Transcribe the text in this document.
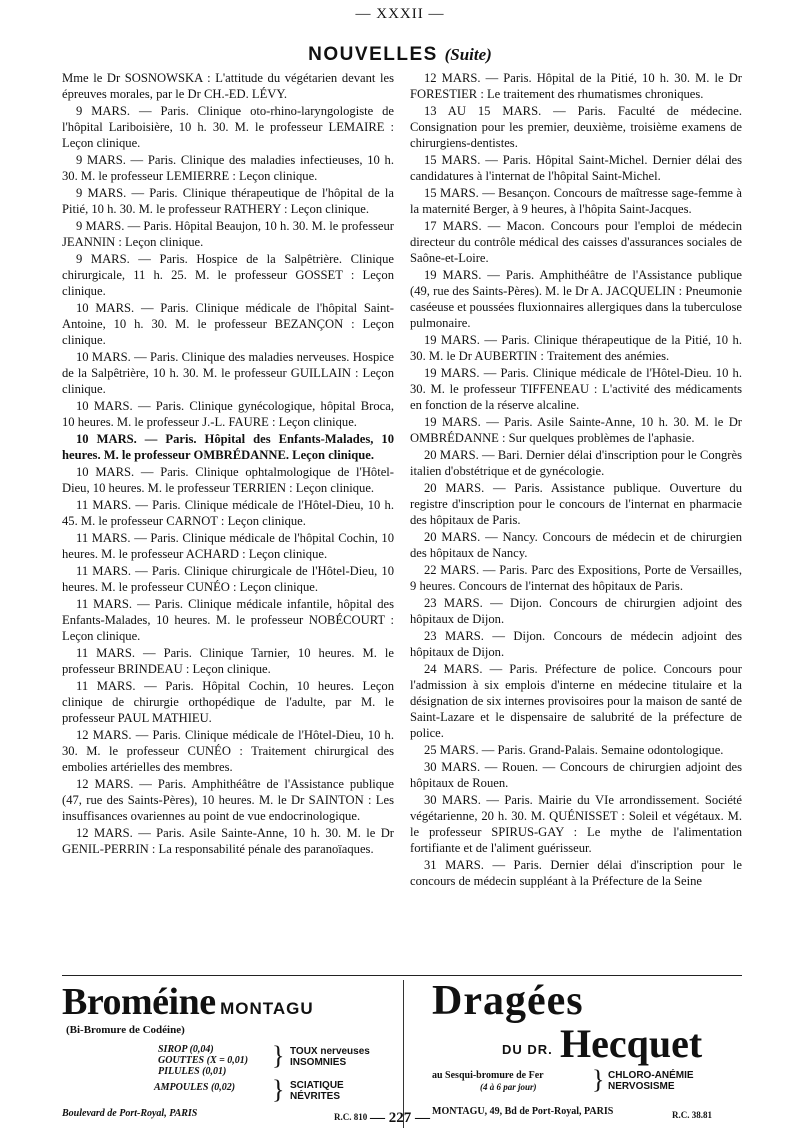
— XXXII —
NOUVELLES (Suite)

Mme le Dr SOSNOWSKA : L'attitude du végétarien devant les épreuves morales, par le Dr CH.-ED. LÉVY.

9 MARS. — Paris. Clinique oto-rhino-laryngologiste de l'hôpital Lariboisière, 10 h. 30. M. le professeur LEMAIRE : Leçon clinique.

9 MARS. — Paris. Clinique des maladies infectieuses, 10 h. 30. M. le professeur LEMIERRE : Leçon clinique.

9 MARS. — Paris. Clinique thérapeutique de l'hôpital de la Pitié, 10 h. 30. M. le professeur RATHERY : Leçon clinique.

9 MARS. — Paris. Hôpital Beaujon, 10 h. 30. M. le professeur JEANNIN : Leçon clinique.

9 MARS. — Paris. Hospice de la Salpêtrière. Clinique chirurgicale, 11 h. 25. M. le professeur GOSSET : Leçon clinique.

10 MARS. — Paris. Clinique médicale de l'hôpital Saint-Antoine, 10 h. 30. M. le professeur BEZANÇON : Leçon clinique.

10 MARS. — Paris. Clinique des maladies nerveuses. Hospice de la Salpêtrière, 10 h. 30. M. le professeur GUILLAIN : Leçon clinique.

10 MARS. — Paris. Clinique gynécologique, hôpital Broca, 10 heures. M. le professeur J.-L. FAURE : Leçon clinique.

10 MARS. — Paris. Hôpital des Enfants-Malades, 10 heures. M. le professeur OMBRÉDANNE. Leçon clinique.

10 MARS. — Paris. Clinique ophtalmologique de l'Hôtel-Dieu, 10 heures. M. le professeur TERRIEN : Leçon clinique.

11 MARS. — Paris. Clinique médicale de l'Hôtel-Dieu, 10 h. 45. M. le professeur CARNOT : Leçon clinique.

11 MARS. — Paris. Clinique médicale de l'hôpital Cochin, 10 heures. M. le professeur ACHARD : Leçon clinique.

11 MARS. — Paris. Clinique chirurgicale de l'Hôtel-Dieu, 10 heures. M. le professeur CUNÉO : Leçon clinique.

11 MARS. — Paris. Clinique médicale infantile, hôpital des Enfants-Malades, 10 heures. M. le professeur NOBÉCOURT : Leçon clinique.

11 MARS. — Paris. Clinique Tarnier, 10 heures. M. le professeur BRINDEAU : Leçon clinique.

11 MARS. — Paris. Hôpital Cochin, 10 heures. Leçon clinique de chirurgie orthopédique de l'adulte, par M. le professeur PAUL MATHIEU.

12 MARS. — Paris. Clinique médicale de l'Hôtel-Dieu, 10 h. 30. M. le professeur CUNÉO : Traitement chirurgical des embolies artérielles des membres.

12 MARS. — Paris. Amphithéâtre de l'Assistance publique (47, rue des Saints-Pères), 10 heures. M. le Dr SAINTON : Les insuffisances ovariennes au point de vue endocrinologique.

12 MARS. — Paris. Asile Sainte-Anne, 10 h. 30. M. le Dr GENIL-PERRIN : La responsabilité pénale des paranoïaques.

12 MARS. — Paris. Hôpital de la Pitié, 10 h. 30. M. le Dr FORESTIER : Le traitement des rhumatismes chroniques.

13 AU 15 MARS. — Paris. Faculté de médecine. Consignation pour les premier, deuxième, troisième examens de chirurgiens-dentistes.

15 MARS. — Paris. Hôpital Saint-Michel. Dernier délai des candidatures à l'internat de l'hôpital Saint-Michel.

15 MARS. — Besançon. Concours de maîtresse sage-femme à la maternité Berger, à 9 heures, à l'hôpita Saint-Jacques.

17 MARS. — Macon. Concours pour l'emploi de médecin directeur du contrôle médical des caisses d'assurances sociales de Saône-et-Loire.

19 MARS. — Paris. Amphithéâtre de l'Assistance publique (49, rue des Saints-Pères). M. le Dr A. JACQUELIN : Pneumonie caséeuse et poussées fluxionnaires allergiques dans la tuberculose pulmonaire.

19 MARS. — Paris. Clinique thérapeutique de la Pitié, 10 h. 30. M. le Dr AUBERTIN : Traitement des anémies.

19 MARS. — Paris. Clinique médicale de l'Hôtel-Dieu. 10 h. 30. M. le professeur TIFFENEAU : L'activité des médicaments en fonction de la réserve alcaline.

19 MARS. — Paris. Asile Sainte-Anne, 10 h. 30. M. le Dr OMBRÉDANNE : Sur quelques problèmes de l'aphasie.

20 MARS. — Bari. Dernier délai d'inscription pour le Congrès italien d'obstétrique et de gynécologie.

20 MARS. — Paris. Assistance publique. Ouverture du registre d'inscription pour le concours de l'internat en pharmacie des hôpitaux de Paris.

20 MARS. — Nancy. Concours de médecin et de chirurgien des hôpitaux de Nancy.

22 MARS. — Paris. Parc des Expositions, Porte de Versailles, 9 heures. Concours de l'internat des hôpitaux de Paris.

23 MARS. — Dijon. Concours de chirurgien adjoint des hôpitaux de Dijon.

23 MARS. — Dijon. Concours de médecin adjoint des hôpitaux de Dijon.

24 MARS. — Paris. Préfecture de police. Concours pour l'admission à six emplois d'interne en médecine titulaire et la désignation de six internes provisoires pour la maison de santé de Saint-Lazare et le dispensaire de salubrité de la préfecture de police.

25 MARS. — Paris. Grand-Palais. Semaine odontologique.

30 MARS. — Rouen. — Concours de chirurgien adjoint des hôpitaux de Rouen.

30 MARS. — Paris. Mairie du VIe arrondissement. Société végétarienne, 20 h. 30. M. QUÉNISSET : Soleil et végétaux. M. le professeur SPIRUS-GAY : Le mythe de l'alimentation fortifiante et de l'aliment guérisseur.

31 MARS. — Paris. Dernier délai d'inscription pour le concours de médecin suppléant à la Préfecture de la Seine

Broméine MONTAGU
(Bi-Bromure de Codéine)
SIROP (0,04)
GOUTTES (X = 0,01)
PILULES (0,01)
} TOUX nerveuses
INSOMNIES
AMPOULES (0,02) } SCIATIQUE
NÉVRITES
Boulevard de Port-Royal, PARIS	R.C. 810
Dragées
DU DR. Hecquet
au Sesqui-bromure de Fer
(4 à 6 par jour) } CHLORO-ANÉMIE
NERVOSISME
MONTAGU, 49, Bd de Port-Royal, PARIS	R.C. 38.81
— 227 —
